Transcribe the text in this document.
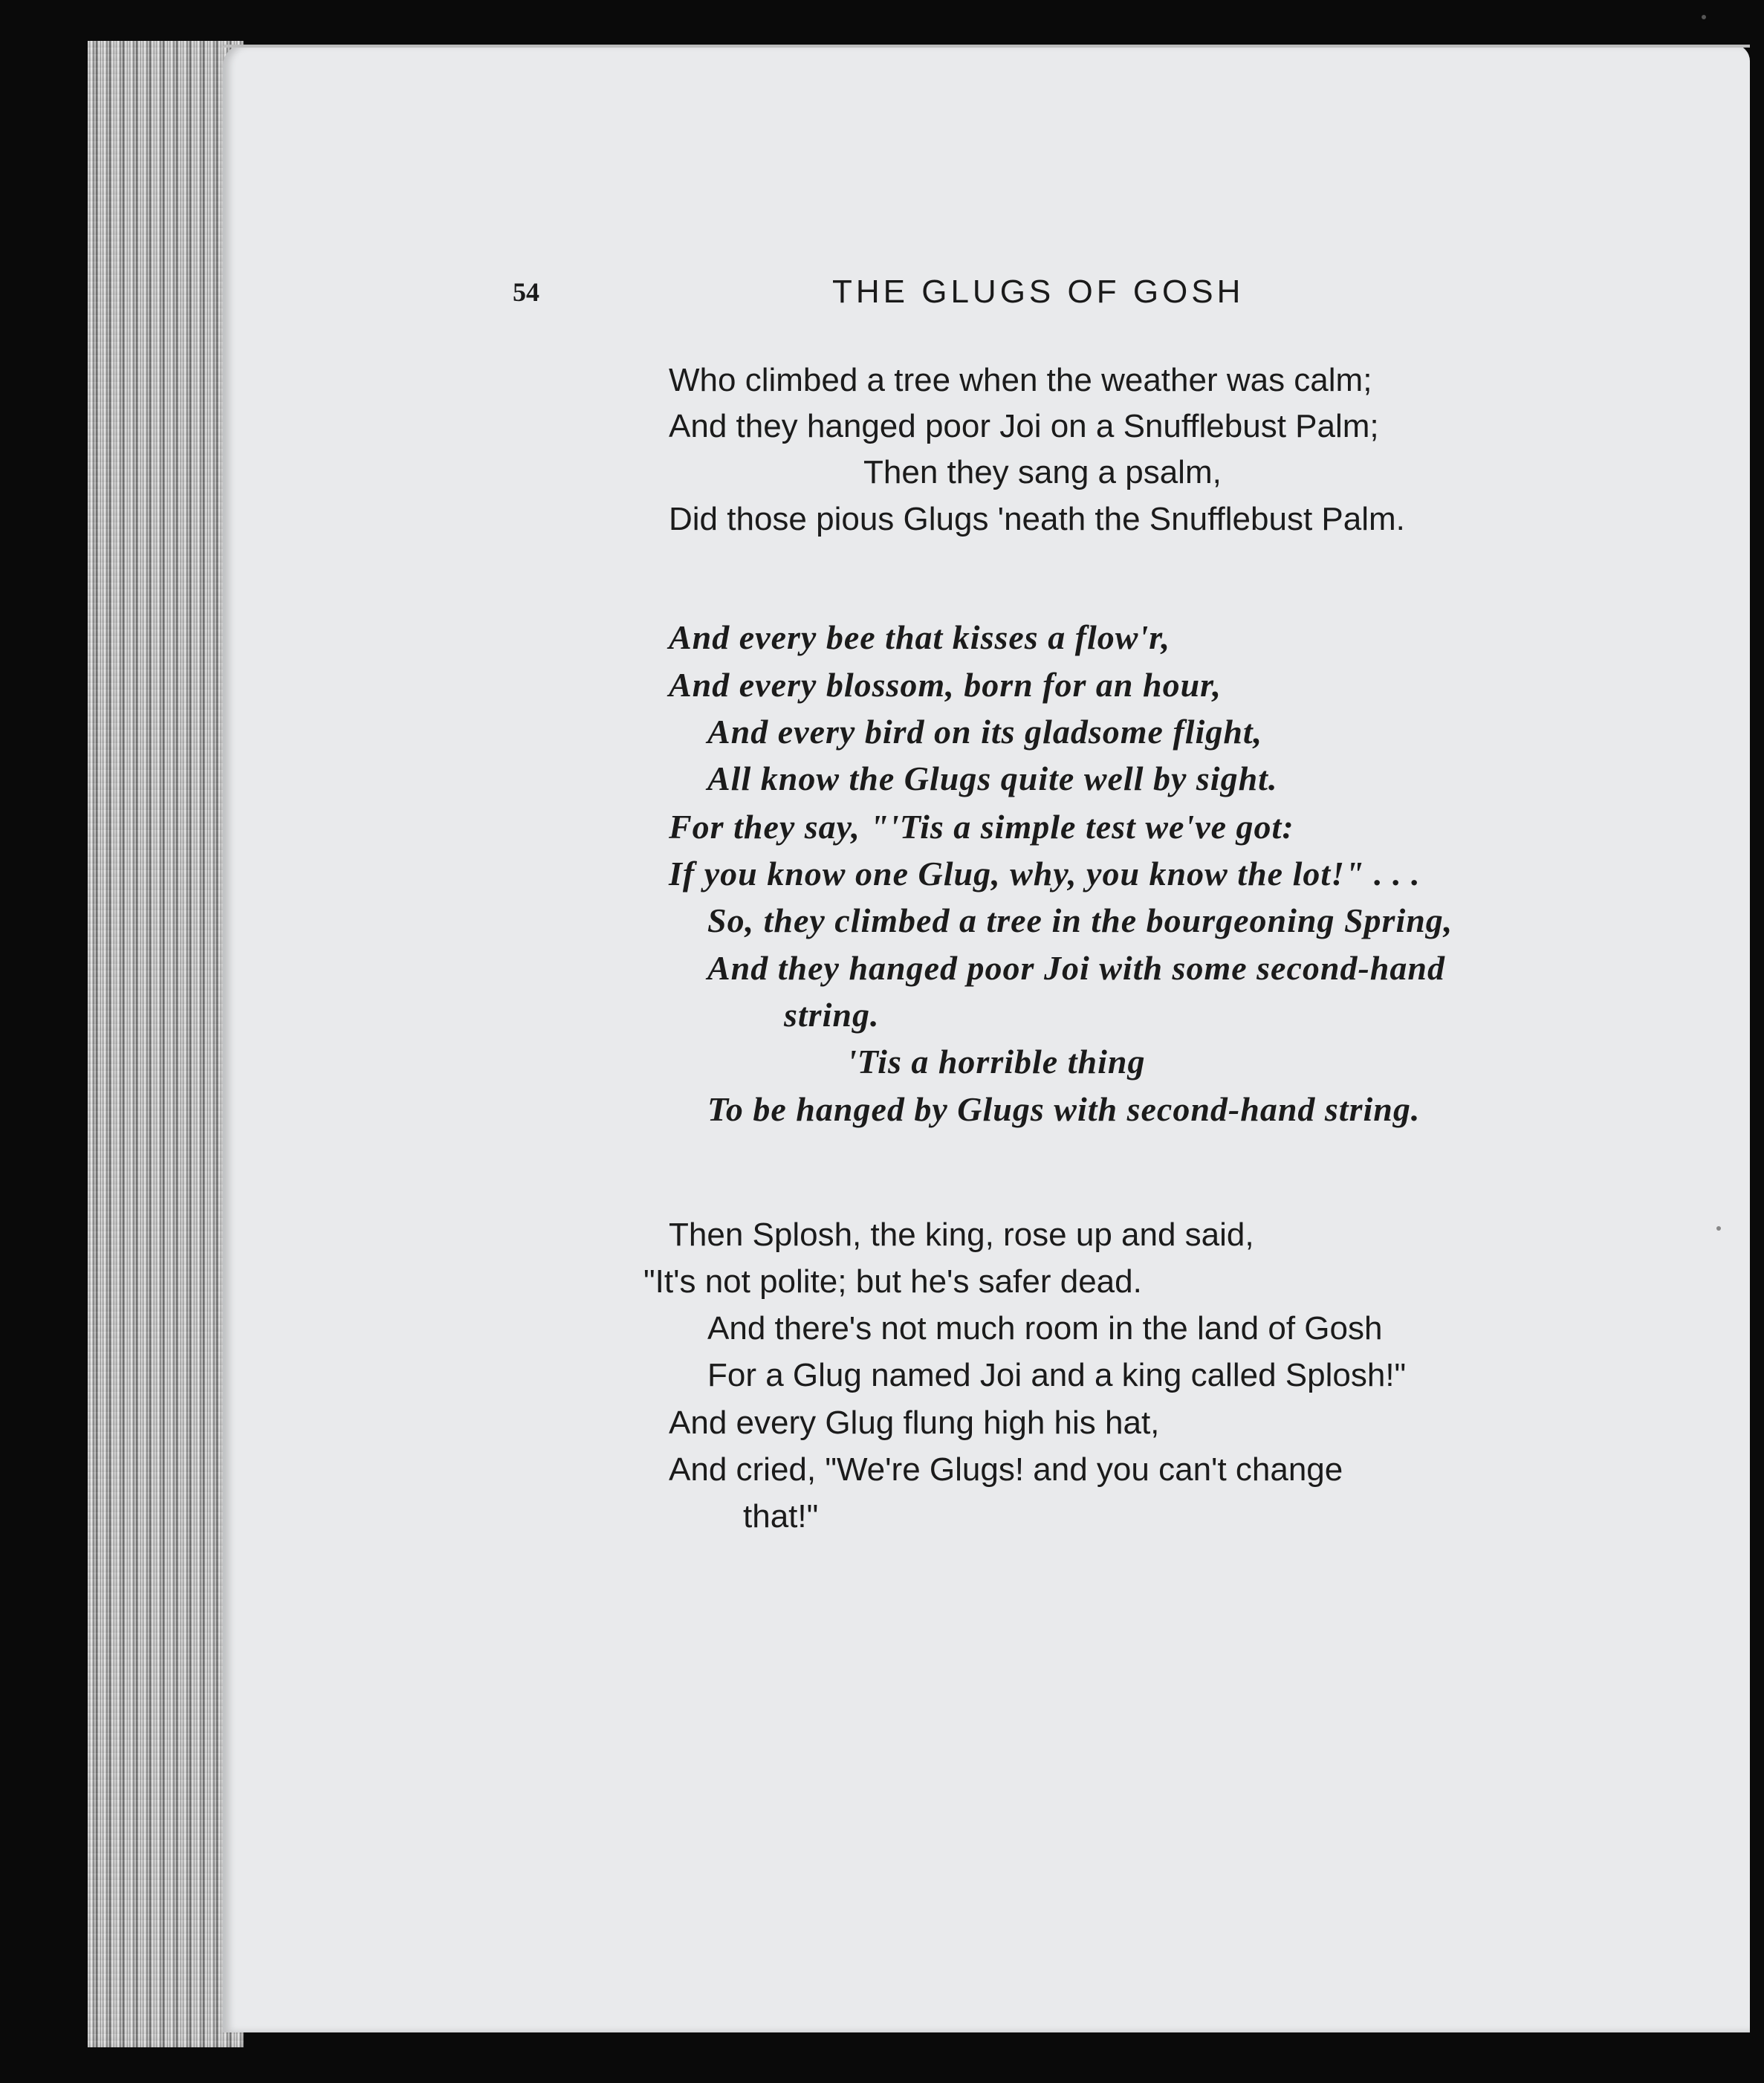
54	THE GLUGS OF GOSH
Who climbed a tree when the weather was calm;
And they hanged poor Joi on a Snufflebust Palm;
Then they sang a psalm,
Did those pious Glugs 'neath the Snufflebust Palm.
And every bee that kisses a flow'r,
And every blossom, born for an hour,
And every bird on its gladsome flight,
All know the Glugs quite well by sight.
For they say, "'Tis a simple test we've got:
If you know one Glug, why, you know the lot!" . . .
So, they climbed a tree in the bourgeoning Spring,
And they hanged poor Joi with some second-hand
string.
'Tis a horrible thing
To be hanged by Glugs with second-hand string.
Then Splosh, the king, rose up and said,
"It's not polite; but he's safer dead.
And there's not much room in the land of Gosh
For a Glug named Joi and a king called Splosh!"
And every Glug flung high his hat,
And cried, "We're Glugs! and you can't change
that!"
